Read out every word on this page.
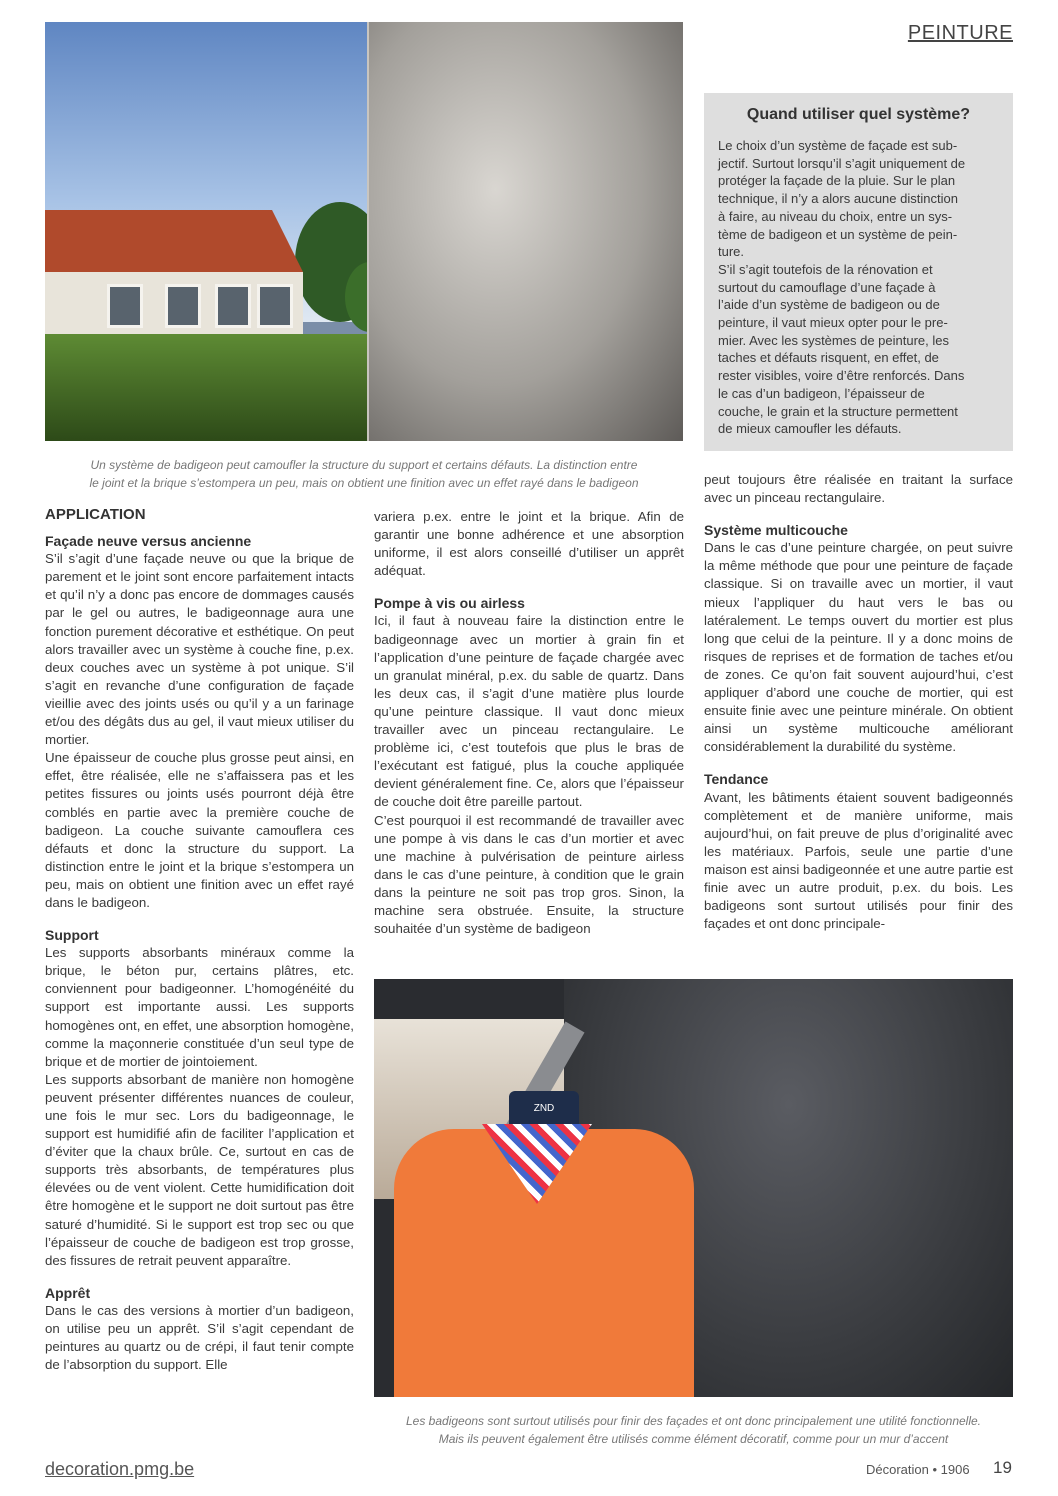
PEINTURE
Un système de badigeon peut camoufler la structure du support et certains défauts. La distinction entre
le joint et la brique s’estompera un peu, mais on obtient une finition avec un effet rayé dans le badigeon
Quand utiliser quel système?
Le choix d’un système de façade est sub-
jectif. Surtout lorsqu’il s’agit uniquement de
protéger la façade de la pluie. Sur le plan
technique, il n’y a alors aucune distinction
à faire, au niveau du choix, entre un sys-
tème de badigeon et un système de pein-
ture.
S’il s’agit toutefois de la rénovation et
surtout du camouflage d’une façade à
l’aide d’un système de badigeon ou de
peinture, il vaut mieux opter pour le pre-
mier. Avec les systèmes de peinture, les
taches et défauts risquent, en effet, de
rester visibles, voire d’être renforcés. Dans
le cas d’un badigeon, l’épaisseur de
couche, le grain et la structure permettent
de mieux camoufler les défauts.
APPLICATION
Façade neuve versus ancienne

S’il s’agit d’une façade neuve ou que la brique de parement et le joint sont encore parfaitement intacts et qu’il n’y a donc pas encore de dommages causés par le gel ou autres, le badigeonnage aura une fonction purement décorative et esthétique. On peut alors travailler avec un système à couche fine, p.ex. deux couches avec un système à pot unique. S’il s’agit en revanche d’une configuration de façade vieillie avec des joints usés ou qu’il y a un farinage et/ou des dégâts dus au gel, il vaut mieux utiliser du mortier.

Une épaisseur de couche plus grosse peut ainsi, en effet, être réalisée, elle ne s’affaissera pas et les petites fissures ou joints usés pourront déjà être comblés en partie avec la première couche de badigeon. La couche suivante camouflera ces défauts et donc la structure du support. La distinction entre le joint et la brique s’estompera un peu, mais on obtient une finition avec un effet rayé dans le badigeon.

Support

Les supports absorbants minéraux comme la brique, le béton pur, certains plâtres, etc. conviennent pour badigeonner. L’homogénéité du support est importante aussi. Les supports homogènes ont, en effet, une absorption homogène, comme la maçonnerie constituée d’un seul type de brique et de mortier de jointoiement.

Les supports absorbant de manière non homogène peuvent présenter différentes nuances de couleur, une fois le mur sec. Lors du badigeonnage, le support est humidifié afin de faciliter l’application et d’éviter que la chaux brûle. Ce, surtout en cas de supports très absorbants, de températures plus élevées ou de vent violent. Cette humidification doit être homogène et le support ne doit surtout pas être saturé d’humidité. Si le support est trop sec ou que l’épaisseur de couche de badigeon est trop grosse, des fissures de retrait peuvent apparaître.

Apprêt

Dans le cas des versions à mortier d’un badigeon, on utilise peu un apprêt. S’il s’agit cependant de peintures au quartz ou de crépi, il faut tenir compte de l’absorption du support. Elle

variera p.ex. entre le joint et la brique. Afin de garantir une bonne adhérence et une absorption uniforme, il est alors conseillé d’utiliser un apprêt adéquat.

Pompe à vis ou airless

Ici, il faut à nouveau faire la distinction entre le badigeonnage avec un mortier à grain fin et l’application d’une peinture de façade chargée avec un granulat minéral, p.ex. du sable de quartz. Dans les deux cas, il s’agit d’une matière plus lourde qu’une peinture classique. Il vaut donc mieux travailler avec un pinceau rectangulaire. Le problème ici, c’est toutefois que plus le bras de l’exécutant est fatigué, plus la couche appliquée devient généralement fine. Ce, alors que l’épaisseur de couche doit être pareille partout.

C’est pourquoi il est recommandé de travailler avec une pompe à vis dans le cas d’un mortier et avec une machine à pulvérisation de peinture airless dans le cas d’une peinture, à condition que le grain dans la peinture ne soit pas trop gros. Sinon, la machine sera obstruée. Ensuite, la structure souhaitée d’un système de badigeon

peut toujours être réalisée en traitant la surface avec un pinceau rectangulaire.

Système multicouche

Dans le cas d’une peinture chargée, on peut suivre la même méthode que pour une peinture de façade classique. Si on travaille avec un mortier, il vaut mieux l’appliquer du haut vers le bas ou latéralement. Le temps ouvert du mortier est plus long que celui de la peinture. Il y a donc moins de risques de reprises et de formation de taches et/ou de zones. Ce qu’on fait souvent aujourd’hui, c’est appliquer d’abord une couche de mortier, qui est ensuite finie avec une peinture minérale. On obtient ainsi un système multicouche améliorant considérablement la durabilité du système.

Tendance

Avant, les bâtiments étaient souvent badigeonnés complètement et de manière uniforme, mais aujourd’hui, on fait preuve de plus d’originalité avec les matériaux. Parfois, seule une partie d’une maison est ainsi badigeonnée et une autre partie est finie avec un autre produit, p.ex. du bois. Les badigeons sont surtout utilisés pour finir des façades et ont donc principale-

ZND
Les badigeons sont surtout utilisés pour finir des façades et ont donc principalement une utilité fonctionnelle.
Mais ils peuvent également être utilisés comme élément décoratif, comme pour un mur d’accent
decoration.pmg.be	Décoration • 1906 19
